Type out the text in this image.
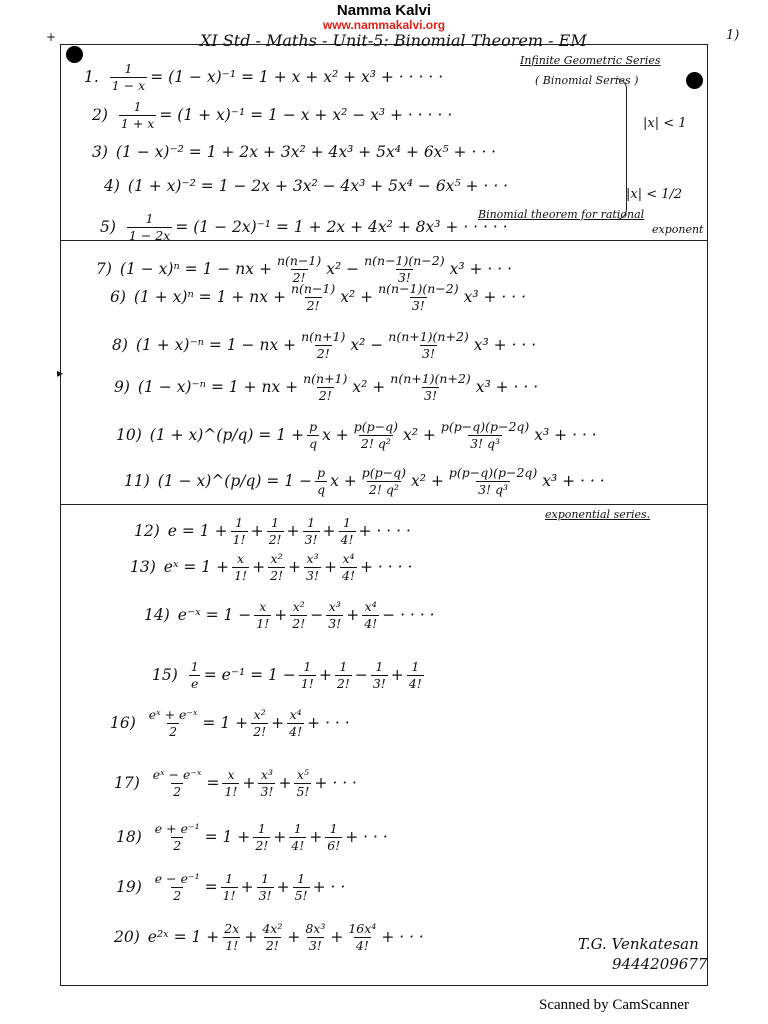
Namma Kalvi
www.nammakalvi.org
1)
+
▸
XI Std - Maths - Unit-5: Binomial Theorem - EM
Infinite Geometric Series
( Binomial Series )
|x| < 1
|x| < 1/2
Binomial theorem for rational
exponent
exponential series.
1. $\frac{1}{1 - x} = (1 - x)^{-1} = 1 + x + x^2 + x^3$ + · · · · ·
$2) \frac{1}{1 + x} = (1 + x)^{-1} = 1 - x + x^2 - x^3$ + · · · · ·
3) (1 − x)⁻² = 1 + 2x + 3x² + 4x³ + 5x⁴ + 6x⁵ + · · ·
4) (1 + x)⁻² = 1 − 2x + 3x² − 4x³ + 5x⁴ − 6x⁵ + · · ·
$5) \frac{1}{1 - 2x} = (1 - 2x)^{-1} = 1 + 2x + 4x^2 + 8x^3$ + · · · · ·
7) (1 − x)ⁿ = 1 − nx + $\frac{n(n-1)}{2!} x^2 - \frac{n(n-1)(n-2)}{3!} x^3$ + · · ·
6) (1 + x)ⁿ = 1 + nx + $\frac{n(n-1)}{2!} x^2 + \frac{n(n-1)(n-2)}{3!} x^3$ + · · ·
8) (1 + x)⁻ⁿ = 1 − nx + $\frac{n(n+1)}{2!} x^2 - \frac{n(n+1)(n+2)}{3!} x^3$ + · · ·
9) (1 − x)⁻ⁿ = 1 + nx + $\frac{n(n+1)}{2!} x^2 + \frac{n(n+1)(n+2)}{3!} x^3$ + · · ·
10) (1 + x)^(p/q) = $1 + \frac{p}{q}$ $x + \frac{p(p-q)}{\text{2! q²}} x^2 + \frac{p(p-q)(p-2q)}{\text{3! q³}} x^3$ + · · ·
11) (1 − x)^(p/q) = $1 - \frac{p}{q}$ $x + \frac{p(p-q)}{\text{2! q²}} x^2 + \frac{p(p-q)(p-2q)}{\text{3! q³}} x^3$ + · · ·
12) $e = 1 + \frac{1}{1!} + \frac{1}{2!} + \frac{1}{3!} + \frac{1}{4!}$ + · · · ·
13) eˣ = $1 + \frac{x}{1!} + \frac{\text{x²}}{2!} + \frac{\text{x³}}{3!} + \frac{\text{x⁴}}{4!}$ + · · · ·
14) e⁻ˣ = $1 - \frac{x}{1!} + \frac{\text{x²}}{2!} - \frac{\text{x³}}{3!} + \frac{\text{x⁴}}{4!}$ − · · · ·
$15) \frac{1}{e} = e^{-1} = 1 - \frac{1}{1!} + \frac{1}{2!} - \frac{1}{3!} + \frac{1}{4!}$
$16) \frac{\text{eˣ + e⁻ˣ}}{2} = 1 + \frac{\text{x²}}{2!} + \frac{\text{x⁴}}{4!}$ + · · ·
$17) \frac{\text{eˣ − e⁻ˣ}}{2} = \frac{x}{1!} + \frac{\text{x³}}{3!} + \frac{\text{x⁵}}{5!}$ + · · ·
$18) \frac{\text{e + e⁻¹}}{2} = 1 + \frac{1}{2!} + \frac{1}{4!} + \frac{1}{6!}$ + · · ·
$19) \frac{\text{e − e⁻¹}}{2} = \frac{1}{1!} + \frac{1}{3!} + \frac{1}{5!}$ + · ·
20) e²ˣ = $1 + \frac{2x}{1!} + \frac{\text{4x²}}{2!} + \frac{\text{8x³}}{3!} + \frac{\text{16x⁴}}{4!}$ + · · ·	T.G. Venkatesan
9444209677
Scanned by CamScanner
